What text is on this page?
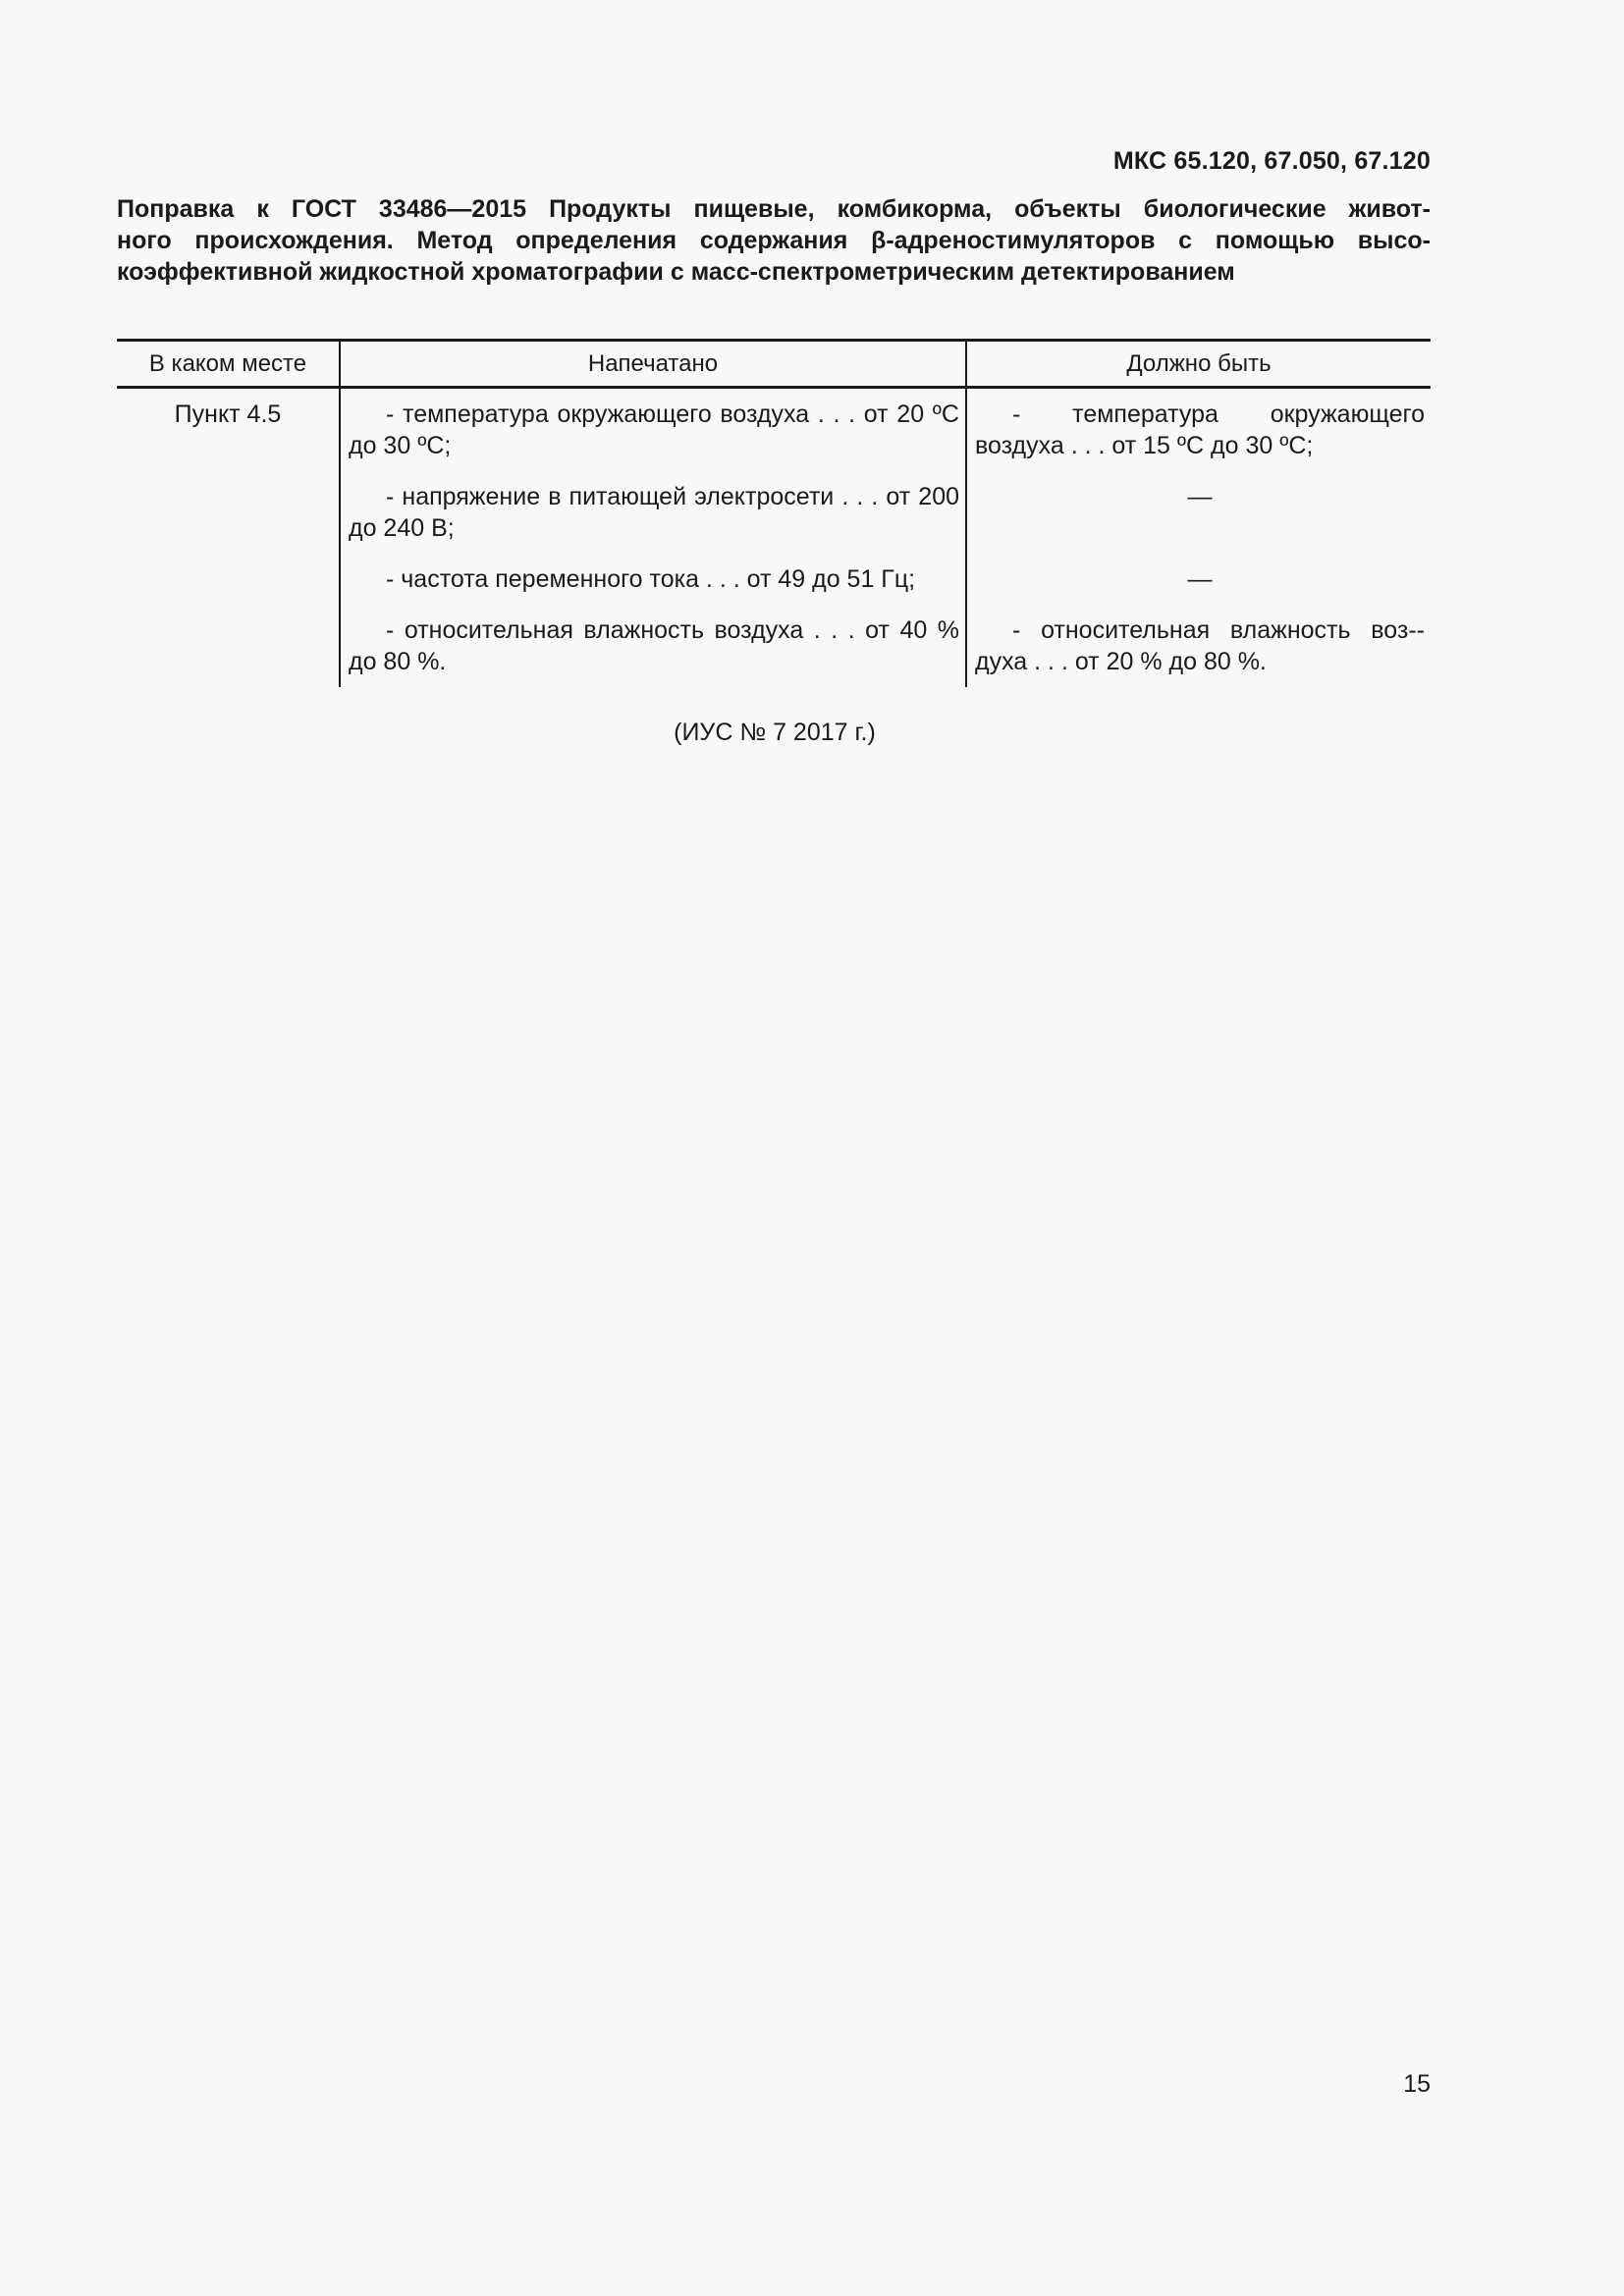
МКС 65.120, 67.050, 67.120
Поправка к ГОСТ 33486—2015 Продукты пищевые, комбикорма, объекты биологические живот-
ного происхождения. Метод определения содержания β-адреностимуляторов с помощью высо-
коэффективной жидкостной хроматографии с масс-спектрометрическим детектированием
В каком месте	Напечатано	Должно быть
Пункт 4.5	- температура окружающего воздуха . . . от 20 ºС до 30 ºС;	- температура окружающего воздуха . . . от 15 ºС до 30 ºС;

	- напряжение в питающей электросети . . . от 200 до 240 В;	—

	- частота переменного тока . . . от 49 до 51 Гц;	—

	- относительная влажность воздуха . . . от 40 % до 80 %.	- относительная влажность воз-духа . . . от 20 % до 80 %.
(ИУС № 7 2017 г.)
15
